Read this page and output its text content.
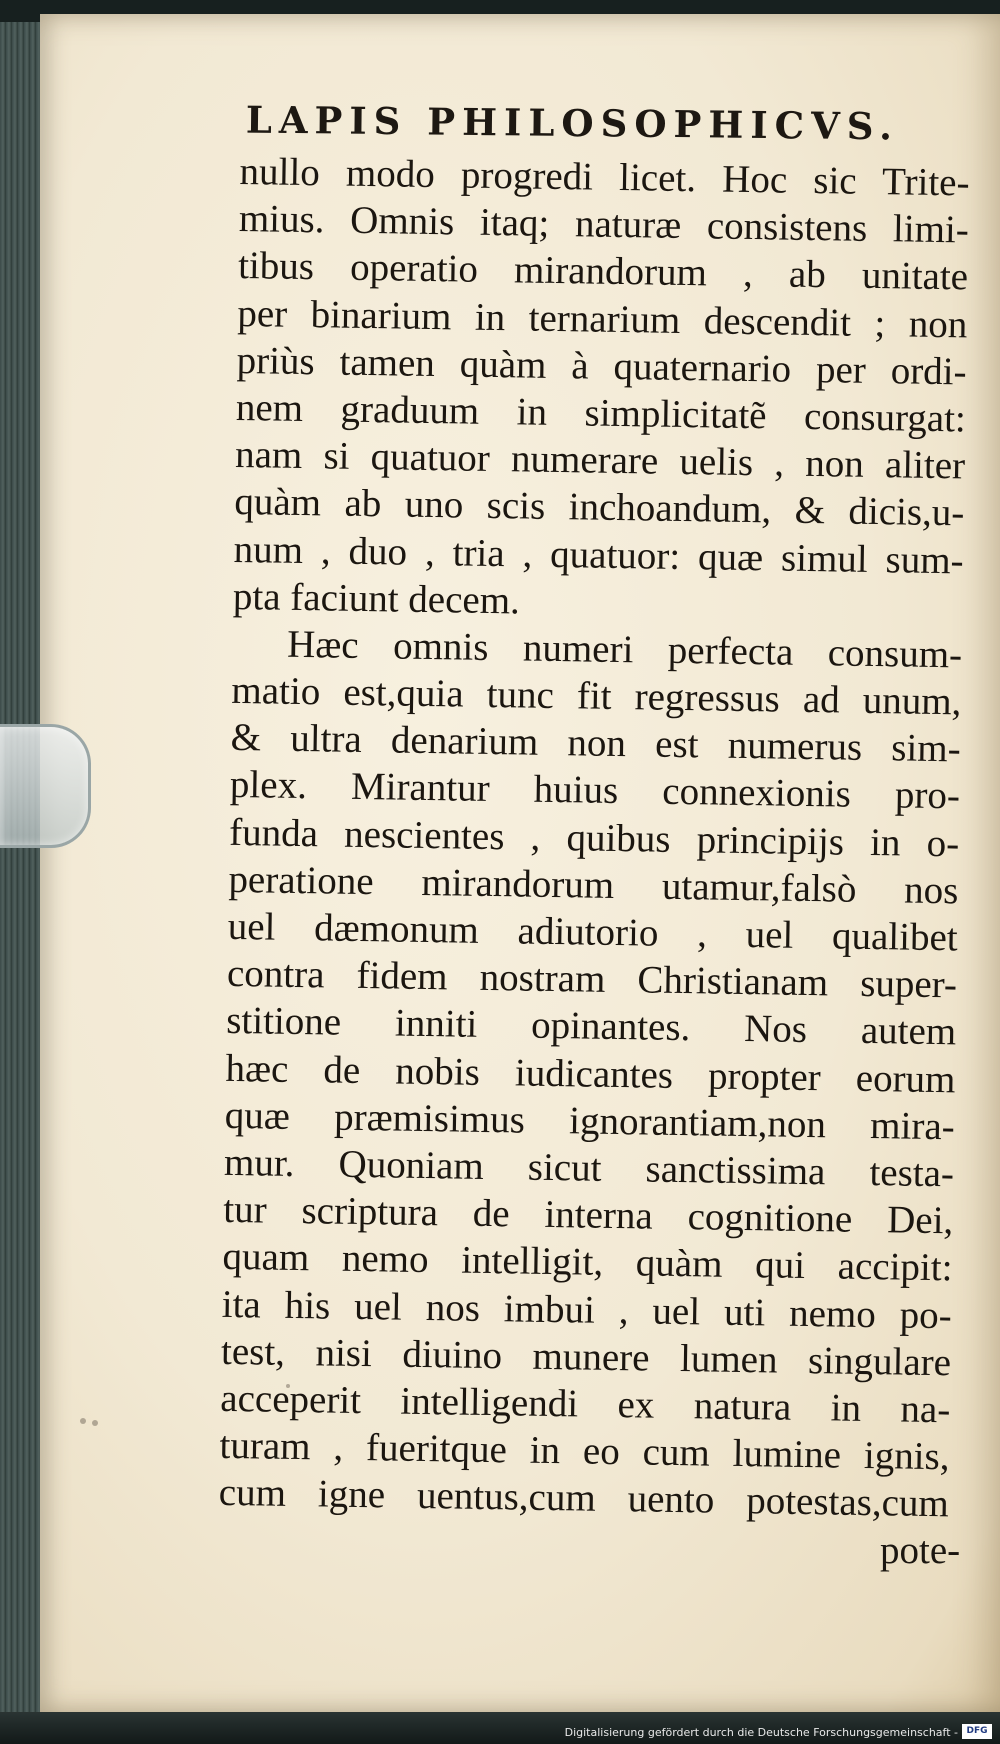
LAPIS PHILOSOPHICVS.
nullo modo progredi licet. Hoc sic Trite-
mius. Omnis itaq; naturæ consistens limi-
tibus operatio mirandorum , ab unitate
per binarium in ternarium descendit ; non
priùs tamen quàm à quaternario per ordi-
nem graduum in simplicitatẽ consurgat:
nam si quatuor numerare uelis , non aliter
quàm ab uno scis inchoandum, & dicis,u-
num , duo , tria , quatuor: quæ simul sum-
pta faciunt decem.
Hæc omnis numeri perfecta consum-
matio est,quia tunc fit regressus ad unum,
& ultra denarium non est numerus sim-
plex. Mirantur huius connexionis pro-
funda nescientes , quibus principijs in o-
peratione mirandorum utamur,falsò nos
uel dæmonum adiutorio , uel qualibet
contra fidem nostram Christianam super-
stitione inniti opinantes. Nos autem
hæc de nobis iudicantes propter eorum
quæ præmisimus ignorantiam,non mira-
mur. Quoniam sicut sanctissima testa-
tur scriptura de interna cognitione Dei,
quam nemo intelligit, quàm qui accipit:
ita his uel nos imbui , uel uti nemo po-
test, nisi diuino munere lumen singulare
acceperit intelligendi ex natura in na-
turam , fueritque in eo cum lumine ignis,
cum igne uentus,cum uento potestas,cum
pote-
Digitalisierung gefördert durch die Deutsche Forschungsgemeinschaft - DFG
